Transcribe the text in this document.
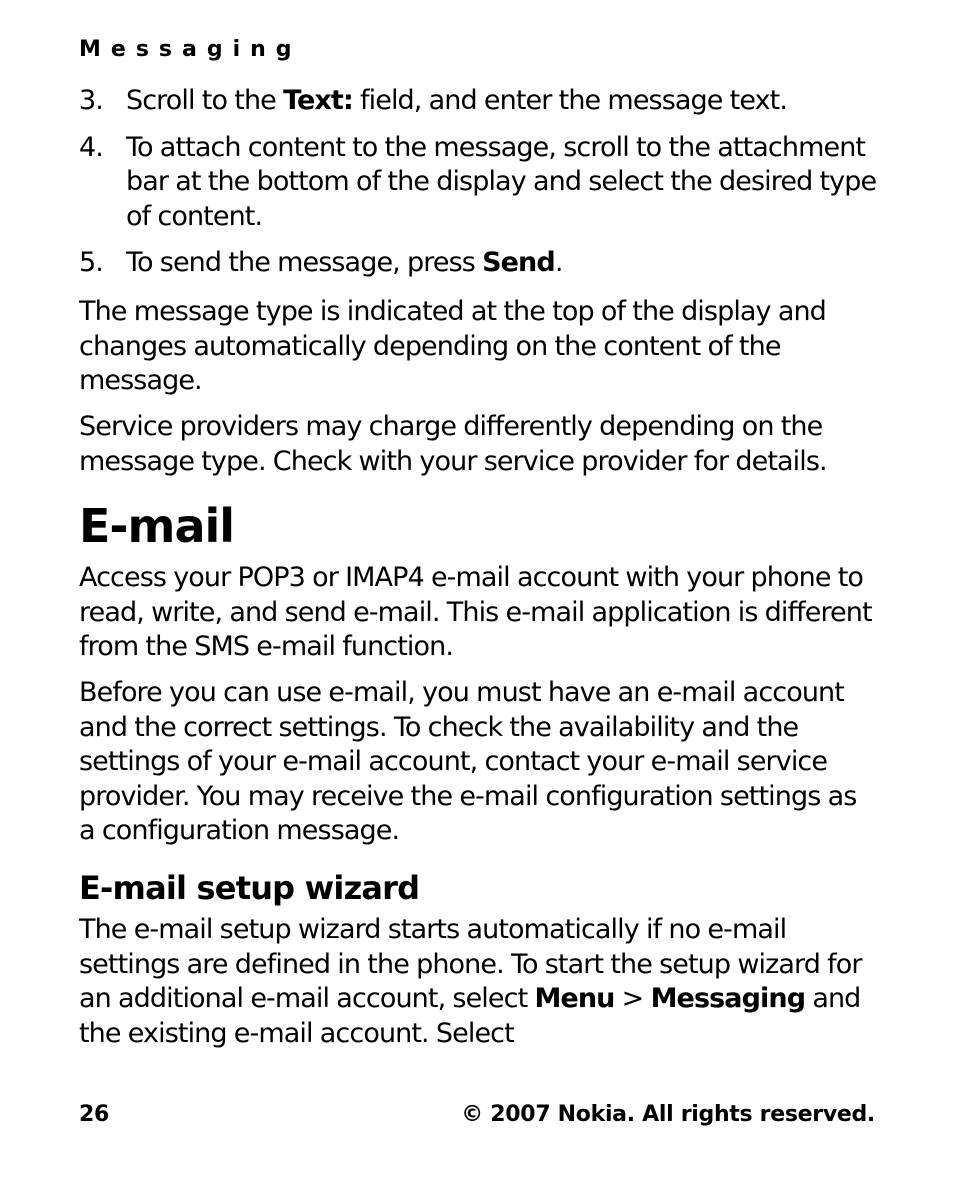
Messaging
3. Scroll to the Text: field, and enter the message text.
4. To attach content to the message, scroll to the attachment bar at the bottom of the display and select the desired type of content.
5. To send the message, press Send.

The message type is indicated at the top of the display and changes automatically depending on the content of the message.

Service providers may charge differently depending on the message type. Check with your service provider for details.

E-mail

Access your POP3 or IMAP4 e-mail account with your phone to read, write, and send e-mail. This e-mail application is different from the SMS e-mail function.

Before you can use e-mail, you must have an e-mail account and the correct settings. To check the availability and the settings of your e-mail account, contact your e-mail service provider. You may receive the e-mail configuration settings as a configuration message.

E-mail setup wizard

The e-mail setup wizard starts automatically if no e-mail settings are defined in the phone. To start the setup wizard for an additional e-mail account, select Menu > Messaging and the existing e-mail account. Select

26	© 2007 Nokia. All rights reserved.
